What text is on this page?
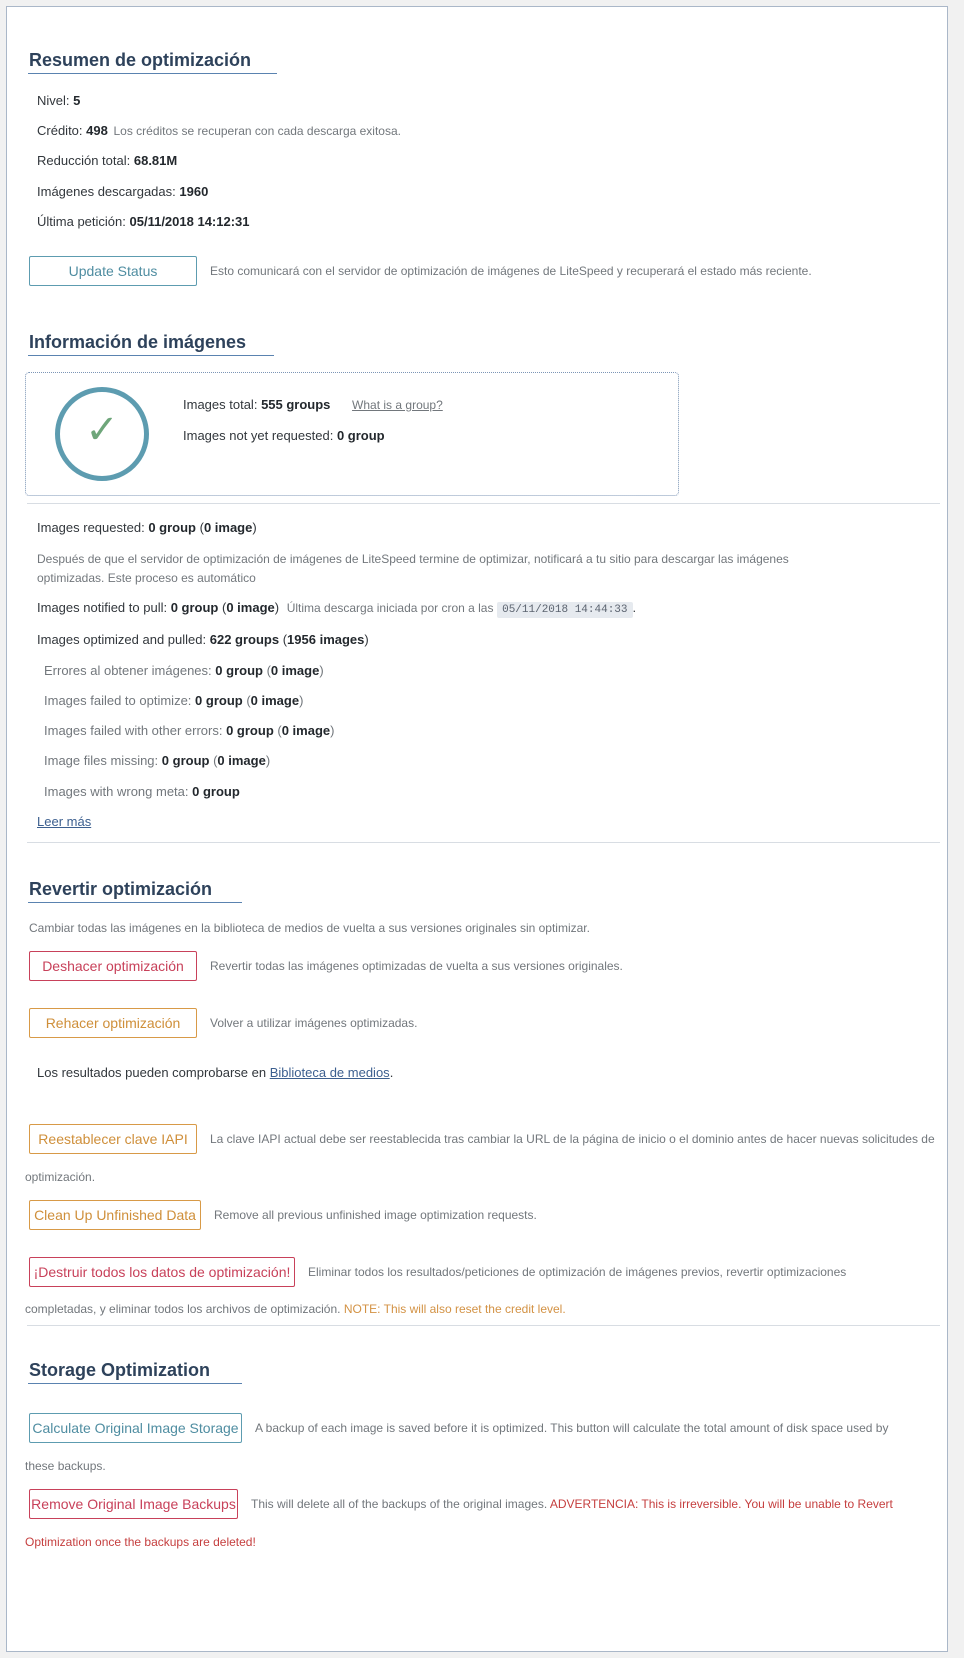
Resumen de optimización
Nivel: 5
Crédito: 498 Los créditos se recuperan con cada descarga exitosa.
Reducción total: 68.81M
Imágenes descargadas: 1960
Última petición: 05/11/2018 14:12:31
Update Status	Esto comunicará con el servidor de optimización de imágenes de LiteSpeed y recuperará el estado más reciente.
Información de imágenes
✓
Images total: 555 groups What is a group?
Images not yet requested: 0 group
Images requested: 0 group (0 image)
Después de que el servidor de optimización de imágenes de LiteSpeed termine de optimizar, notificará a tu sitio para descargar las imágenes optimizadas. Este proceso es automático
Images notified to pull: 0 group (0 image) Última descarga iniciada por cron a las 05/11/2018 14:44:33 .
Images optimized and pulled: 622 groups (1956 images)
Errores al obtener imágenes: 0 group (0 image)
Images failed to optimize: 0 group (0 image)
Images failed with other errors: 0 group (0 image)
Image files missing: 0 group (0 image)
Images with wrong meta: 0 group
Leer más
Revertir optimización
Cambiar todas las imágenes en la biblioteca de medios de vuelta a sus versiones originales sin optimizar.
Deshacer optimización	Revertir todas las imágenes optimizadas de vuelta a sus versiones originales.
Rehacer optimización	Volver a utilizar imágenes optimizadas.
Los resultados pueden comprobarse en Biblioteca de medios.
Reestablecer clave IAPI	La clave IAPI actual debe ser reestablecida tras cambiar la URL de la página de inicio o el dominio antes de hacer nuevas solicitudes de
optimización.
Clean Up Unfinished Data	Remove all previous unfinished image optimization requests.
¡Destruir todos los datos de optimización!	Eliminar todos los resultados/peticiones de optimización de imágenes previos, revertir optimizaciones
completadas, y eliminar todos los archivos de optimización. NOTE: This will also reset the credit level.
Storage Optimization
Calculate Original Image Storage A backup of each image is saved before it is optimized. This button will calculate the total amount of disk space used by
these backups.
Remove Original Image Backups This will delete all of the backups of the original images. ADVERTENCIA: This is irreversible. You will be unable to Revert
Optimization once the backups are deleted!
